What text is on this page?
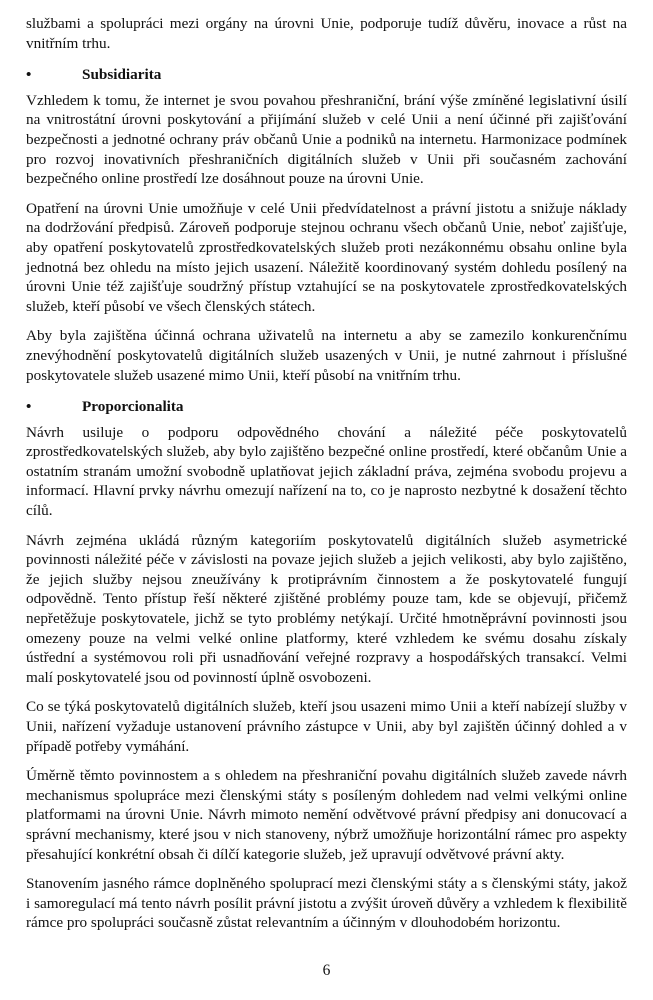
službami a spolupráci mezi orgány na úrovni Unie, podporuje tudíž důvěru, inovace a růst na vnitřním trhu.

•	Subsidiarita

Vzhledem k tomu, že internet je svou povahou přeshraniční, brání výše zmíněné legislativní úsilí na vnitrostátní úrovni poskytování a přijímání služeb v celé Unii a není účinné při zajišťování bezpečnosti a jednotné ochrany práv občanů Unie a podniků na internetu. Harmonizace podmínek pro rozvoj inovativních přeshraničních digitálních služeb v Unii při současném zachování bezpečného online prostředí lze dosáhnout pouze na úrovni Unie.

Opatření na úrovni Unie umožňuje v celé Unii předvídatelnost a právní jistotu a snižuje náklady na dodržování předpisů. Zároveň podporuje stejnou ochranu všech občanů Unie, neboť zajišťuje, aby opatření poskytovatelů zprostředkovatelských služeb proti nezákonnému obsahu online byla jednotná bez ohledu na místo jejich usazení. Náležitě koordinovaný systém dohledu posílený na úrovni Unie též zajišťuje soudržný přístup vztahující se na poskytovatele zprostředkovatelských služeb, kteří působí ve všech členských státech.

Aby byla zajištěna účinná ochrana uživatelů na internetu a aby se zamezilo konkurenčnímu znevýhodnění poskytovatelů digitálních služeb usazených v Unii, je nutné zahrnout i příslušné poskytovatele služeb usazené mimo Unii, kteří působí na vnitřním trhu.

•	Proporcionalita

Návrh usiluje o podporu odpovědného chování a náležité péče poskytovatelů zprostředkovatelských služeb, aby bylo zajištěno bezpečné online prostředí, které občanům Unie a ostatním stranám umožní svobodně uplatňovat jejich základní práva, zejména svobodu projevu a informací. Hlavní prvky návrhu omezují nařízení na to, co je naprosto nezbytné k dosažení těchto cílů.

Návrh zejména ukládá různým kategoriím poskytovatelů digitálních služeb asymetrické povinnosti náležité péče v závislosti na povaze jejich služeb a jejich velikosti, aby bylo zajištěno, že jejich služby nejsou zneužívány k protiprávním činnostem a že poskytovatelé fungují odpovědně. Tento přístup řeší některé zjištěné problémy pouze tam, kde se objevují, přičemž nepřetěžuje poskytovatele, jichž se tyto problémy netýkají. Určité hmotněprávní povinnosti jsou omezeny pouze na velmi velké online platformy, které vzhledem ke svému dosahu získaly ústřední a systémovou roli při usnadňování veřejné rozpravy a hospodářských transakcí. Velmi malí poskytovatelé jsou od povinností úplně osvobozeni.

Co se týká poskytovatelů digitálních služeb, kteří jsou usazeni mimo Unii a kteří nabízejí služby v Unii, nařízení vyžaduje ustanovení právního zástupce v Unii, aby byl zajištěn účinný dohled a v případě potřeby vymáhání.

Úměrně těmto povinnostem a s ohledem na přeshraniční povahu digitálních služeb zavede návrh mechanismus spolupráce mezi členskými státy s posíleným dohledem nad velmi velkými online platformami na úrovni Unie. Návrh mimoto nemění odvětvové právní předpisy ani donucovací a správní mechanismy, které jsou v nich stanoveny, nýbrž umožňuje horizontální rámec pro aspekty přesahující konkrétní obsah či dílčí kategorie služeb, jež upravují odvětvové právní akty.

Stanovením jasného rámce doplněného spoluprací mezi členskými státy a s členskými státy, jakož i samoregulací má tento návrh posílit právní jistotu a zvýšit úroveň důvěry a vzhledem k flexibilitě rámce pro spolupráci současně zůstat relevantním a účinným v dlouhodobém horizontu.

6
